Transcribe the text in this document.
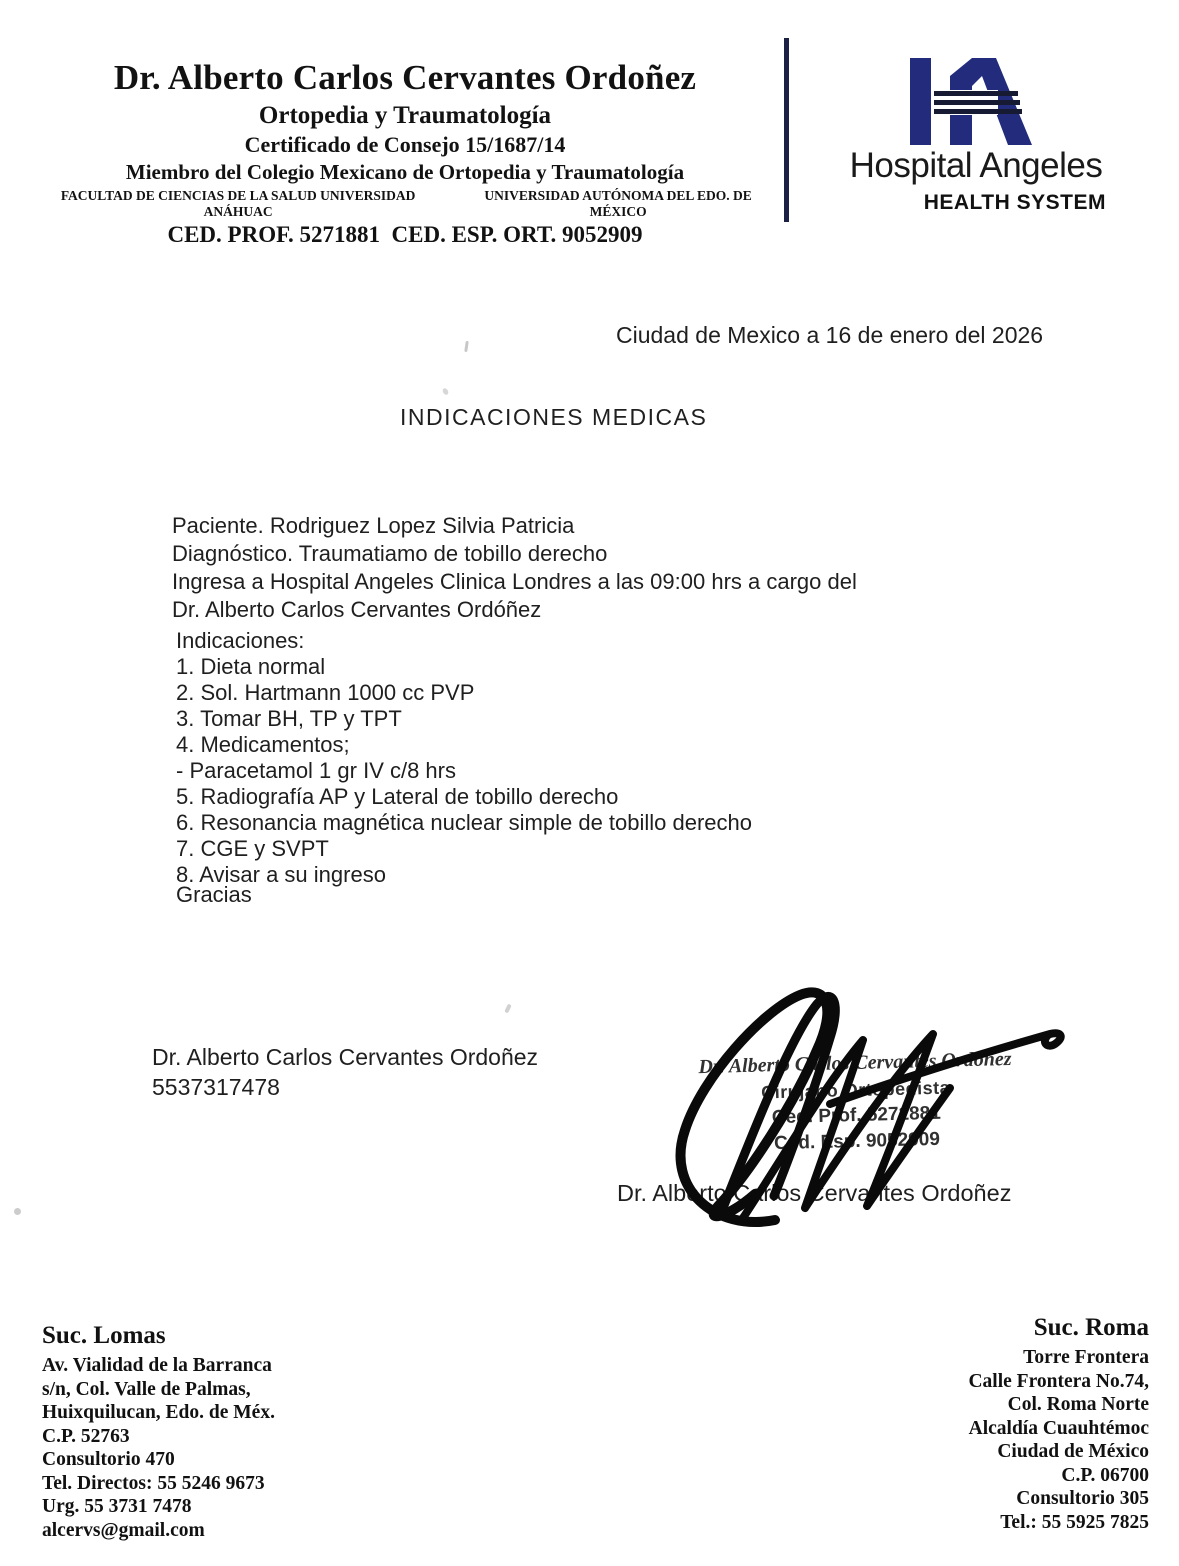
Dr. Alberto Carlos Cervantes Ordoñez
Ortopedia y Traumatología
Certificado de Consejo 15/1687/14
Miembro del Colegio Mexicano de Ortopedia y Traumatología
FACULTAD DE CIENCIAS DE LA SALUD UNIVERSIDAD ANÁHUAC
UNIVERSIDAD AUTÓNOMA DEL EDO. DE MÉXICO
CED. PROF. 5271881  CED. ESP. ORT. 9052909
Hospital Angeles
HEALTH SYSTEM
Ciudad de Mexico a 16 de enero del 2026
INDICACIONES MEDICAS
Paciente. Rodriguez Lopez Silvia Patricia
Diagnóstico. Traumatiamo de tobillo derecho
Ingresa a Hospital Angeles Clinica Londres a las 09:00 hrs a cargo del
Dr. Alberto Carlos Cervantes Ordóñez
Indicaciones:
1. Dieta normal
2. Sol. Hartmann 1000 cc PVP
3. Tomar BH, TP y TPT
4. Medicamentos;
- Paracetamol 1 gr IV c/8 hrs
5. Radiografía AP y Lateral de tobillo derecho
6. Resonancia magnética nuclear simple de tobillo derecho
7. CGE y SVPT
8. Avisar a su ingreso
Gracias
Dr. Alberto Carlos Cervantes Ordoñez
5537317478
Dr. Alberto Carlos Cervantes Ordoñez
Cirujano Ortopedista
Ced. Prof. 5271881
Ced. Esp. 9052909
Dr. Alberto Carlos Cervantes Ordoñez
Suc. Lomas
Av. Vialidad de la Barranca
s/n, Col. Valle de Palmas,
Huixquilucan, Edo. de Méx.
C.P. 52763
Consultorio 470
Tel. Directos: 55 5246 9673
Urg. 55 3731 7478
alcervs@gmail.com
Suc. Roma
Torre Frontera
Calle Frontera No.74,
Col. Roma Norte
Alcaldía Cuauhtémoc
Ciudad de México
C.P. 06700
Consultorio 305
Tel.: 55 5925 7825
